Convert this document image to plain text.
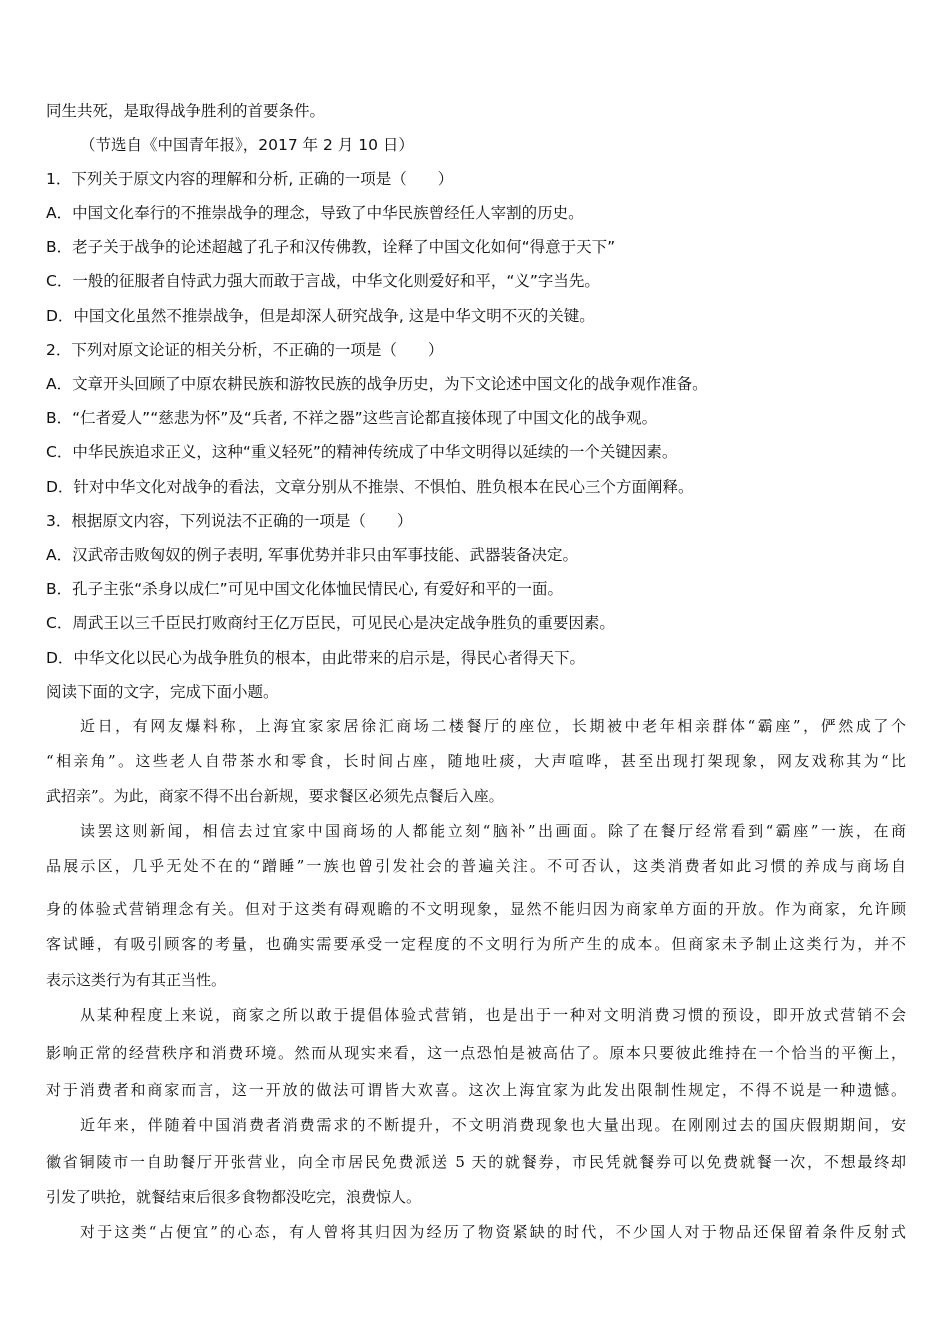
同生共死，是取得战争胜利的首要条件。
（节选自《中国青年报》，2017 年 2 月 10 日）
1．下列关于原文内容的理解和分析, 正确的一项是（　　）
A．中国文化奉行的不推崇战争的理念，导致了中华民族曾经任人宰割的历史。
B．老子关于战争的论述超越了孔子和汉传佛教，诠释了中国文化如何“得意于天下”
C．一般的征服者自恃武力强大而敢于言战，中华文化则爱好和平，“义”字当先。
D．中国文化虽然不推崇战争，但是却深人研究战争, 这是中华文明不灭的关键。
2．下列对原文论证的相关分析，不正确的一项是（　　）
A．文章开头回顾了中原农耕民族和游牧民族的战争历史，为下文论述中国文化的战争观作准备。
B．“仁者爱人”“慈悲为怀”及“兵者, 不祥之器”这些言论都直接体现了中国文化的战争观。
C．中华民族追求正义，这种“重义轻死”的精神传统成了中华文明得以延续的一个关键因素。
D．针对中华文化对战争的看法，文章分别从不推崇、不惧怕、胜负根本在民心三个方面阐释。
3．根据原文内容，下列说法不正确的一项是（　　）
A．汉武帝击败匈奴的例子表明, 军事优势并非只由军事技能、武器装备决定。
B．孔子主张“杀身以成仁”可见中国文化体恤民情民心, 有爱好和平的一面。
C．周武王以三千臣民打败商纣王亿万臣民，可见民心是决定战争胜负的重要因素。
D．中华文化以民心为战争胜负的根本，由此带来的启示是，得民心者得天下。
阅读下面的文字，完成下面小题。
近日，有网友爆料称，上海宜家家居徐汇商场二楼餐厅的座位，长期被中老年相亲群体“霸座”，俨然成了个
“相亲角”。这些老人自带茶水和零食，长时间占座，随地吐痰，大声喧哗，甚至出现打架现象，网友戏称其为“比
武招亲”。为此，商家不得不出台新规，要求餐区必须先点餐后入座。
读罢这则新闻，相信去过宜家中国商场的人都能立刻“脑补”出画面。除了在餐厅经常看到“霸座”一族，在商
品展示区，几乎无处不在的“蹭睡”一族也曾引发社会的普遍关注。不可否认，这类消费者如此习惯的养成与商场自
身的体验式营销理念有关。但对于这类有碍观瞻的不文明现象，显然不能归因为商家单方面的开放。作为商家，允许顾
客试睡，有吸引顾客的考量，也确实需要承受一定程度的不文明行为所产生的成本。但商家未予制止这类行为，并不
表示这类行为有其正当性。
从某种程度上来说，商家之所以敢于提倡体验式营销，也是出于一种对文明消费习惯的预设，即开放式营销不会
影响正常的经营秩序和消费环境。然而从现实来看，这一点恐怕是被高估了。原本只要彼此维持在一个恰当的平衡上，
对于消费者和商家而言，这一开放的做法可谓皆大欢喜。这次上海宜家为此发出限制性规定，不得不说是一种遗憾。
近年来，伴随着中国消费者消费需求的不断提升，不文明消费现象也大量出现。在刚刚过去的国庆假期期间，安
徽省铜陵市一自助餐厅开张营业，向全市居民免费派送 5 天的就餐券，市民凭就餐券可以免费就餐一次，不想最终却
引发了哄抢，就餐结束后很多食物都没吃完，浪费惊人。
对于这类“占便宜”的心态，有人曾将其归因为经历了物资紧缺的时代，不少国人对于物品还保留着条件反射式
